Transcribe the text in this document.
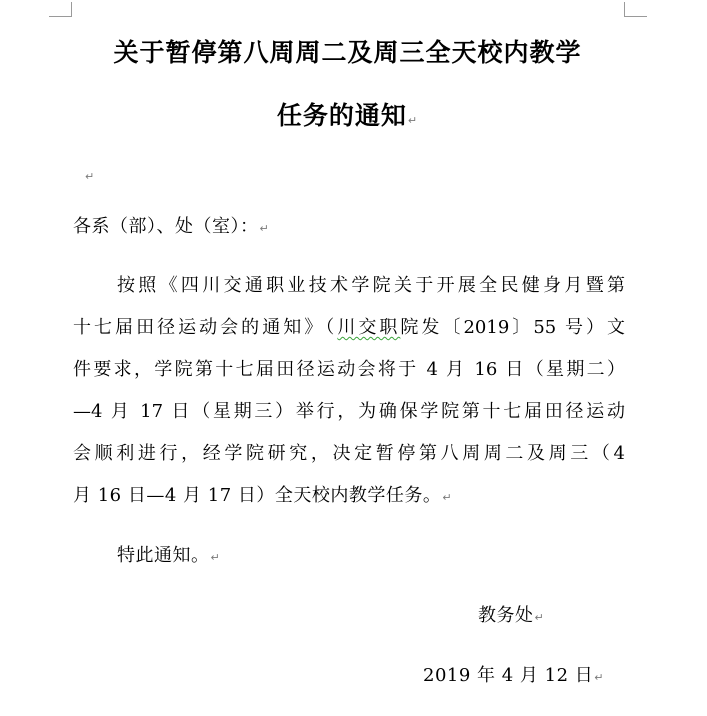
关于暂停第八周周二及周三全天校内教学
任务的通知↵
↵
各系（部）、处（室）：↵
按照《四川交通职业技术学院关于开展全民健身月暨第
十七届田径运动会的通知》（川交职院发〔2019〕55 号）文
件要求，学院第十七届田径运动会将于 4 月 16 日（星期二）
—4 月 17 日（星期三）举行，为确保学院第十七届田径运动
会顺利进行，经学院研究，决定暂停第八周周二及周三（4
月 16 日—4 月 17 日）全天校内教学任务。↵
特此通知。↵
教务处↵
2019 年 4 月 12 日↵
